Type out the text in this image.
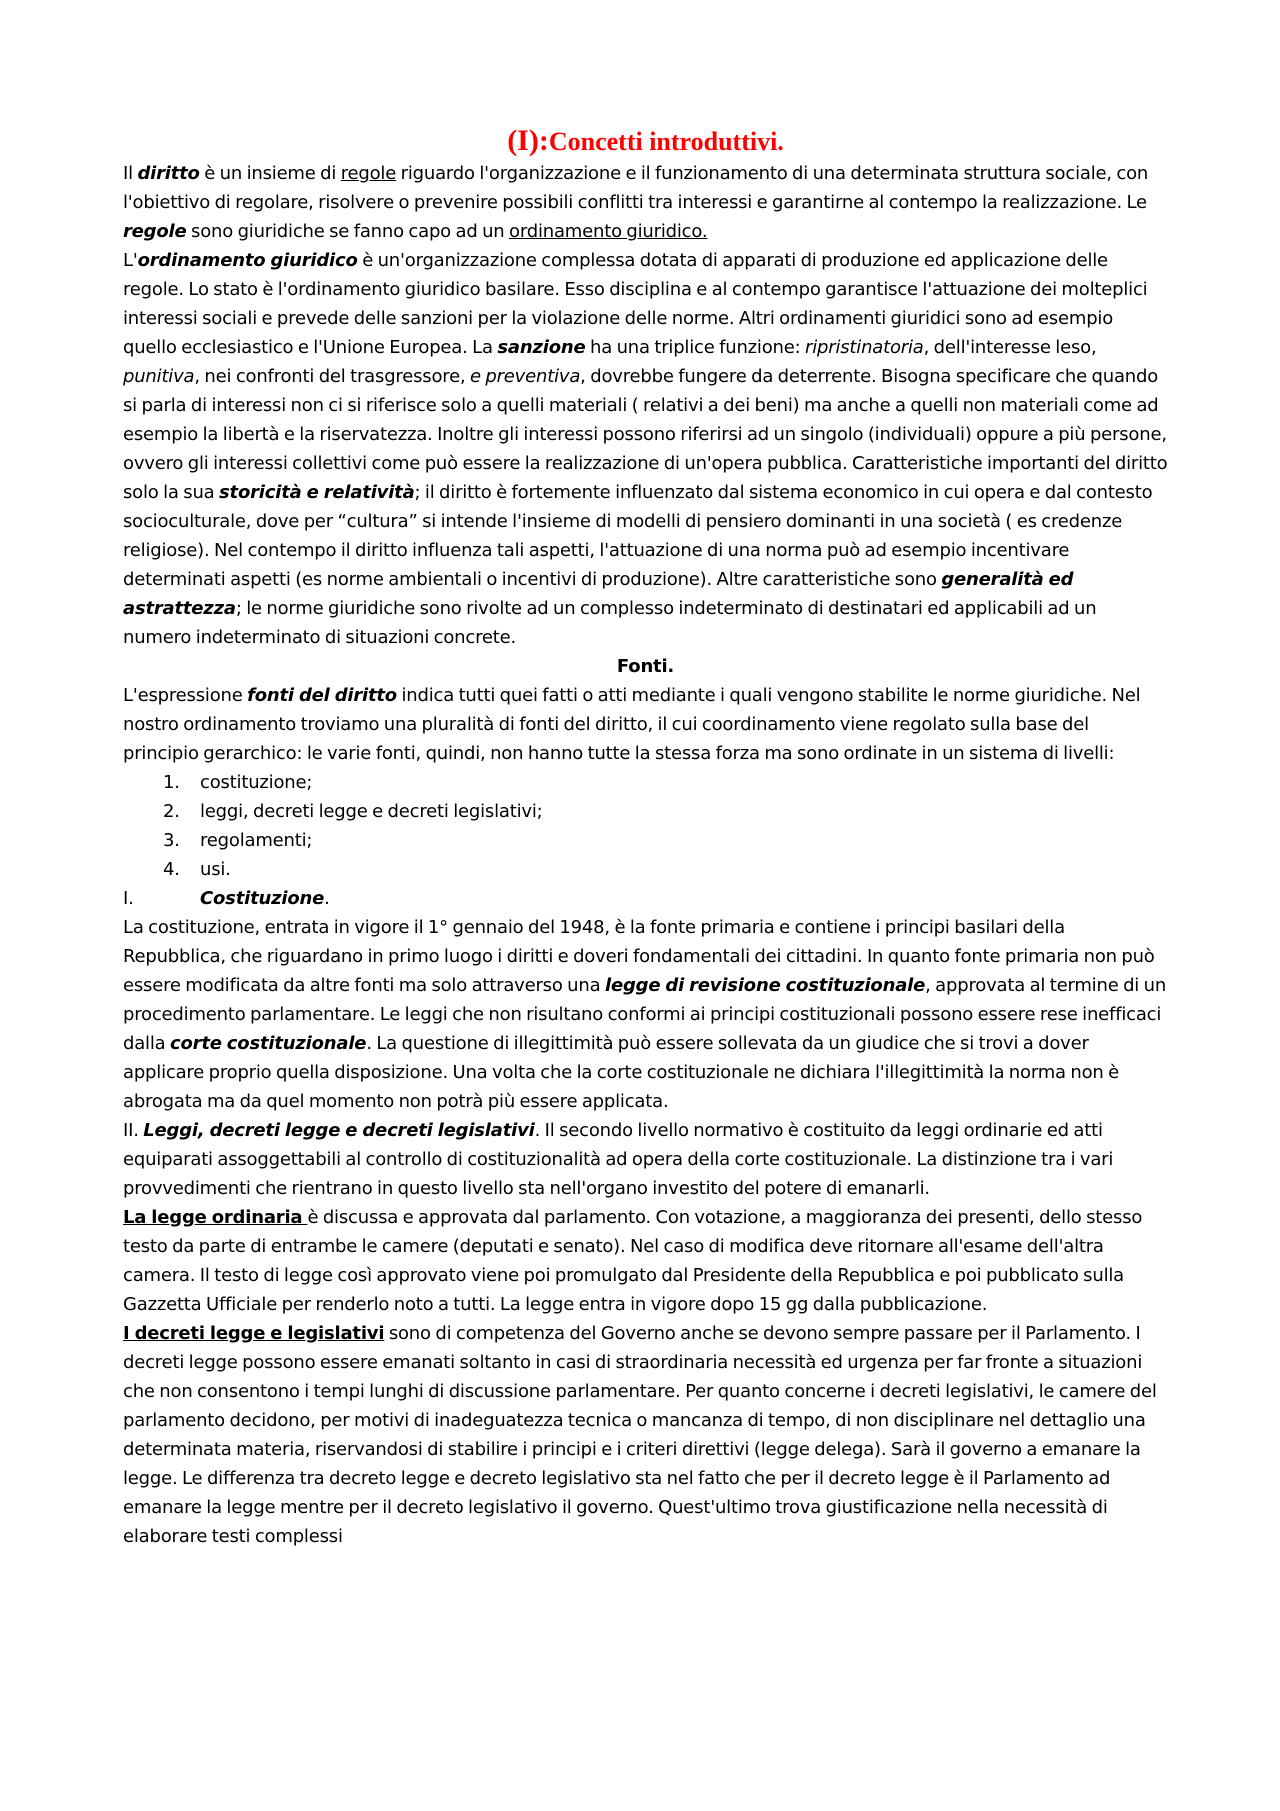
(I):Concetti introduttivi.

Il diritto è un insieme di regole riguardo l'organizzazione e il funzionamento di una determinata struttura sociale, con l'obiettivo di regolare, risolvere o prevenire possibili conflitti tra interessi e garantirne al contempo la realizzazione. Le regole sono giuridiche se fanno capo ad un ordinamento giuridico.

L'ordinamento giuridico è un'organizzazione complessa dotata di apparati di produzione ed applicazione delle regole. Lo stato è l'ordinamento giuridico basilare. Esso disciplina e al contempo garantisce l'attuazione dei molteplici interessi sociali e prevede delle sanzioni per la violazione delle norme. Altri ordinamenti giuridici sono ad esempio quello ecclesiastico e l'Unione Europea. La sanzione ha una triplice funzione: ripristinatoria, dell'interesse leso, punitiva, nei confronti del trasgressore, e preventiva, dovrebbe fungere da deterrente. Bisogna specificare che quando si parla di interessi non ci si riferisce solo a quelli materiali ( relativi a dei beni) ma anche a quelli non materiali come ad esempio la libertà e la riservatezza. Inoltre gli interessi possono riferirsi ad un singolo (individuali) oppure a più persone, ovvero gli interessi collettivi come può essere la realizzazione di un'opera pubblica. Caratteristiche importanti del diritto solo la sua storicità e relatività; il diritto è fortemente influenzato dal sistema economico in cui opera e dal contesto socioculturale, dove per “cultura” si intende l'insieme di modelli di pensiero dominanti in una società ( es credenze religiose). Nel contempo il diritto influenza tali aspetti, l'attuazione di una norma può ad esempio incentivare determinati aspetti (es norme ambientali o incentivi di produzione). Altre caratteristiche sono generalità ed astrattezza; le norme giuridiche sono rivolte ad un complesso indeterminato di destinatari ed applicabili ad un numero indeterminato di situazioni concrete.

Fonti.

L'espressione fonti del diritto indica tutti quei fatti o atti mediante i quali vengono stabilite le norme giuridiche. Nel nostro ordinamento troviamo una pluralità di fonti del diritto, il cui coordinamento viene regolato sulla base del principio gerarchico: le varie fonti, quindi, non hanno tutte la stessa forza ma sono ordinate in un sistema di livelli:

1. costituzione;
2. leggi, decreti legge e decreti legislativi;
3. regolamenti;
4. usi.

I.	Costituzione.

La costituzione, entrata in vigore il 1° gennaio del 1948, è la fonte primaria e contiene i principi basilari della Repubblica, che riguardano in primo luogo i diritti e doveri fondamentali dei cittadini. In quanto fonte primaria non può essere modificata da altre fonti ma solo attraverso una legge di revisione costituzionale, approvata al termine di un procedimento parlamentare. Le leggi che non risultano conformi ai principi costituzionali possono essere rese inefficaci dalla corte costituzionale. La questione di illegittimità può essere sollevata da un giudice che si trovi a dover applicare proprio quella disposizione. Una volta che la corte costituzionale ne dichiara l'illegittimità la norma non è abrogata ma da quel momento non potrà più essere applicata.

II. Leggi, decreti legge e decreti legislativi. Il secondo livello normativo è costituito da leggi ordinarie ed atti equiparati assoggettabili al controllo di costituzionalità ad opera della corte costituzionale. La distinzione tra i vari provvedimenti che rientrano in questo livello sta nell'organo investito del potere di emanarli.

La legge ordinaria è discussa e approvata dal parlamento. Con votazione, a maggioranza dei presenti, dello stesso testo da parte di entrambe le camere (deputati e senato). Nel caso di modifica deve ritornare all'esame dell'altra camera. Il testo di legge così approvato viene poi promulgato dal Presidente della Repubblica e poi pubblicato sulla Gazzetta Ufficiale per renderlo noto a tutti. La legge entra in vigore dopo 15 gg dalla pubblicazione.

I decreti legge e legislativi sono di competenza del Governo anche se devono sempre passare per il Parlamento. I decreti legge possono essere emanati soltanto in casi di straordinaria necessità ed urgenza per far fronte a situazioni che non consentono i tempi lunghi di discussione parlamentare. Per quanto concerne i decreti legislativi, le camere del parlamento decidono, per motivi di inadeguatezza tecnica o mancanza di tempo, di non disciplinare nel dettaglio una determinata materia, riservandosi di stabilire i principi e i criteri direttivi (legge delega). Sarà il governo a emanare la legge. Le differenza tra decreto legge e decreto legislativo sta nel fatto che per il decreto legge è il Parlamento ad emanare la legge mentre per il decreto legislativo il governo. Quest'ultimo trova giustificazione nella necessità di elaborare testi complessi
